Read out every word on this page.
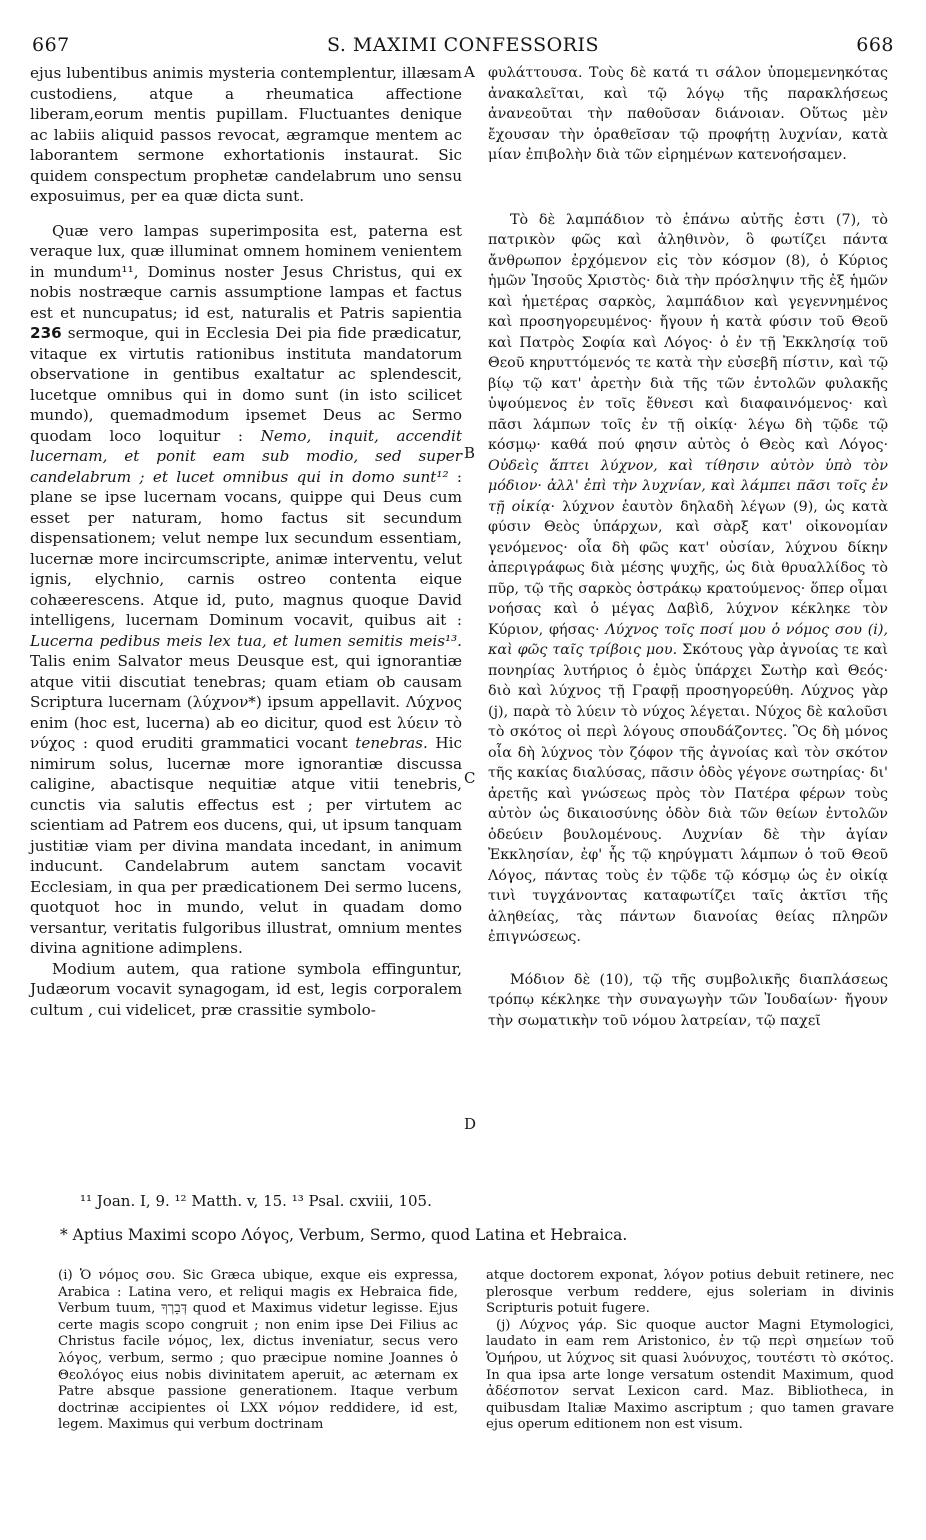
667	S. MAXIMI CONFESSORIS	668

ejus lubentibus animis mysteria contemplentur, illæsam custodiens, atque a rheumatica affectione liberam,eorum mentis pupillam. Fluctuantes denique ac labiis aliquid passos revocat, ægramque mentem ac laborantem sermone exhortationis instaurat. Sic quidem conspectum prophetæ candelabrum uno sensu exposuimus, per ea quæ dicta sunt.

Quæ vero lampas superimposita est, paterna est veraque lux, quæ illuminat omnem hominem venientem in mundum¹¹, Dominus noster Jesus Christus, qui ex nobis nostræque carnis assumptione lampas et factus est et nuncupatus; id est, naturalis et Patris sapientia 236 sermoque, qui in Ecclesia Dei pia fide prædicatur, vitaque ex virtutis rationibus instituta mandatorum observatione in gentibus exaltatur ac splendescit, lucetque omnibus qui in domo sunt (in isto scilicet mundo), quemadmodum ipsemet Deus ac Sermo quodam loco loquitur : Nemo, inquit, accendit lucernam, et ponit eam sub modio, sed super candelabrum ; et lucet omnibus qui in domo sunt¹² : plane se ipse lucernam vocans, quippe qui Deus cum esset per naturam, homo factus sit secundum dispensationem; velut nempe lux secundum essentiam, lucernæ more incircumscripte, animæ interventu, velut ignis, elychnio, carnis ostreo contenta eique cohæerescens. Atque id, puto, magnus quoque David intelligens, lucernam Dominum vocavit, quibus ait : Lucerna pedibus meis lex tua, et lumen semitis meis¹³. Talis enim Salvator meus Deusque est, qui ignorantiæ atque vitii discutiat tenebras; quam etiam ob causam Scriptura lucernam (λύχνον*) ipsum appellavit. Λύχνος enim (hoc est, lucerna) ab eo dicitur, quod est λύειν τὸ νύχος : quod eruditi grammatici vocant tenebras. Hic nimirum solus, lucernæ more ignorantiæ discussa caligine, abactisque nequitiæ atque vitii tenebris, cunctis via salutis effectus est ; per virtutem ac scientiam ad Patrem eos ducens, qui, ut ipsum tanquam justitiæ viam per divina mandata incedant, in animum inducunt. Candelabrum autem sanctam vocavit Ecclesiam, in qua per prædicationem Dei sermo lucens, quotquot hoc in mundo, velut in quadam domo versantur, veritatis fulgoribus illustrat, omnium mentes divina agnitione adimplens.

Modium autem, qua ratione symbola effinguntur, Judæorum vocavit synagogam, id est, legis corporalem cultum , cui videlicet, præ crassitie symbolo-

A
B
C
D

φυλάττουσα. Τοὺς δὲ κατά τι σάλον ὑπομεμενηκότας ἀνακαλεῖται, καὶ τῷ λόγῳ τῆς παρακλήσεως ἀνανεοῦται τὴν παθοῦσαν διάνοιαν. Οὕτως μὲν ἔχουσαν τὴν ὁραθεῖσαν τῷ προφήτῃ λυχνίαν, κατὰ μίαν ἐπιβολὴν διὰ τῶν εἰρημένων κατενοήσαμεν.

Τὸ δὲ λαμπάδιον τὸ ἐπάνω αὐτῆς ἐστι (7), τὸ πατρικὸν φῶς καὶ ἀληθινὸν, ὃ φωτίζει πάντα ἄνθρωπον ἐρχόμενον εἰς τὸν κόσμον (8), ὁ Κύριος ἡμῶν Ἰησοῦς Χριστὸς· διὰ τὴν πρόσληψιν τῆς ἐξ ἡμῶν καὶ ἡμετέρας σαρκὸς, λαμπάδιον καὶ γεγεννημένος καὶ προσηγορευμένος· ἤγουν ἡ κατὰ φύσιν τοῦ Θεοῦ καὶ Πατρὸς Σοφία καὶ Λόγος· ὁ ἐν τῇ Ἐκκλησίᾳ τοῦ Θεοῦ κηρυττόμενός τε κατὰ τὴν εὐσεβῆ πίστιν, καὶ τῷ βίῳ τῷ κατ' ἀρετὴν διὰ τῆς τῶν ἐντολῶν φυλακῆς ὑψούμενος ἐν τοῖς ἔθνεσι καὶ διαφαινόμενος· καὶ πᾶσι λάμπων τοῖς ἐν τῇ οἰκίᾳ· λέγω δὴ τῷδε τῷ κόσμῳ· καθά πού φησιν αὐτὸς ὁ Θεὸς καὶ Λόγος· Οὐδεὶς ἅπτει λύχνον, καὶ τίθησιν αὐτὸν ὑπὸ τὸν μόδιον· ἀλλ' ἐπὶ τὴν λυχνίαν, καὶ λάμπει πᾶσι τοῖς ἐν τῇ οἰκίᾳ· λύχνον ἑαυτὸν δηλαδὴ λέγων (9), ὡς κατὰ φύσιν Θεὸς ὑπάρχων, καὶ σὰρξ κατ' οἰκονομίαν γενόμενος· οἷα δὴ φῶς κατ' οὐσίαν, λύχνου δίκην ἀπεριγράφως διὰ μέσης ψυχῆς, ὡς διὰ θρυαλλίδος τὸ πῦρ, τῷ τῆς σαρκὸς ὀστράκῳ κρατούμενος· ὅπερ οἶμαι νοήσας καὶ ὁ μέγας Δαβὶδ, λύχνον κέκληκε τὸν Κύριον, φήσας· Λύχνος τοῖς ποσί μου ὁ νόμος σου (i), καὶ φῶς ταῖς τρίβοις μου. Σκότους γὰρ ἀγνοίας τε καὶ πονηρίας λυτήριος ὁ ἐμὸς ὑπάρχει Σωτὴρ καὶ Θεός· διὸ καὶ λύχνος τῇ Γραφῇ προσηγορεύθη. Λύχνος γὰρ (j), παρὰ τὸ λύειν τὸ νύχος λέγεται. Νύχος δὲ καλοῦσι τὸ σκότος οἱ περὶ λόγους σπουδάζοντες. Ὃς δὴ μόνος οἷα δὴ λύχνος τὸν ζόφον τῆς ἀγνοίας καὶ τὸν σκότον τῆς κακίας διαλύσας, πᾶσιν ὁδὸς γέγονε σωτηρίας· δι' ἀρετῆς καὶ γνώσεως πρὸς τὸν Πατέρα φέρων τοὺς αὐτὸν ὡς δικαιοσύνης ὁδὸν διὰ τῶν θείων ἐντολῶν ὁδεύειν βουλομένους. Λυχνίαν δὲ τὴν ἁγίαν Ἐκκλησίαν, ἐφ' ἧς τῷ κηρύγματι λάμπων ὁ τοῦ Θεοῦ Λόγος, πάντας τοὺς ἐν τῷδε τῷ κόσμῳ ὡς ἐν οἰκίᾳ τινὶ τυγχάνοντας καταφωτίζει ταῖς ἀκτῖσι τῆς ἀληθείας, τὰς πάντων διανοίας θείας πληρῶν ἐπιγνώσεως.

Μόδιον δὲ (10), τῷ τῆς συμβολικῆς διαπλάσεως τρόπῳ κέκληκε τὴν συναγωγὴν τῶν Ἰουδαίων· ἤγουν τὴν σωματικὴν τοῦ νόμου λατρείαν, τῷ παχεῖ

¹¹ Joan. I, 9. ¹² Matth. v, 15. ¹³ Psal. cxviii, 105.
* Aptius Maximi scopo Λόγος, Verbum, Sermo, quod Latina et Hebraica.

(i) Ὁ νόμος σου. Sic Græca ubique, exque eis expressa, Arabica : Latina vero, et reliqui magis ex Hebraica fide, Verbum tuum, דְּבָרְךָ quod et Maximus videtur legisse. Ejus certe magis scopo congruit ; non enim ipse Dei Filius ac Christus facile νόμος, lex, dictus inveniatur, secus vero λόγος, verbum, sermo ; quo præcipue nomine Joannes ὁ Θεολόγος eius nobis divinitatem aperuit, ac æternam ex Patre absque passione generationem. Itaque verbum doctrinæ accipientes οἱ LXX νόμον reddidere, id est, legem. Maximus qui verbum doctrinam

atque doctorem exponat, λόγον potius debuit retinere, nec plerosque verbum reddere, ejus soleriam in divinis Scripturis potuit fugere.

(j) Λύχνος γάρ. Sic quoque auctor Magni Etymologici, laudato in eam rem Aristonico, ἐν τῷ περὶ σημείων τοῦ Ὁμήρου, ut λύχνος sit quasi λυόνυχος, τουτέστι τὸ σκότος. In qua ipsa arte longe versatum ostendit Maximum, quod ἀδέσποτον servat Lexicon card. Maz. Bibliotheca, in quibusdam Italiæ Maximo ascriptum ; quo tamen gravare ejus operum editionem non est visum.
